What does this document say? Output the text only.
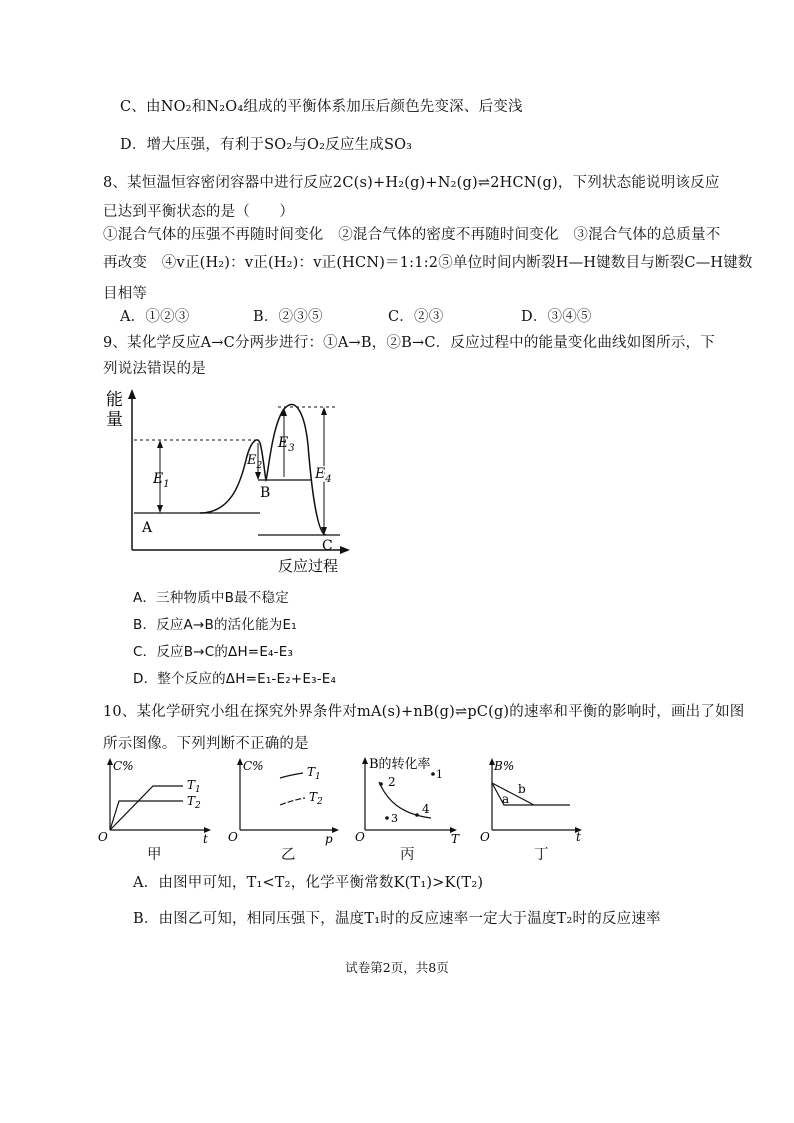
C、由NO₂和N₂O₄组成的平衡体系加压后颜色先变深、后变浅
D．增大压强，有利于SO₂与O₂反应生成SO₃
8、某恒温恒容密闭容器中进行反应2C(s)+H₂(g)+N₂(g)⇌2HCN(g)，下列状态能说明该反应
已达到平衡状态的是（　　）
①混合气体的压强不再随时间变化　②混合气体的密度不再随时间变化　③混合气体的总质量不
再改变　④v正(H₂)：v正(H₂)：v正(HCN)＝1:1:2⑤单位时间内断裂H—H键数目与断裂C—H键数
目相等
A．①②③	B．②③⑤	C．②③	D．③④⑤
9、某化学反应A→C分两步进行：①A→B，②B→C．反应过程中的能量变化曲线如图所示，下
列说法错误的是
能
量
反应过程
$E_1$
$E_2$
$E_3$
$E_4$
A
B
C
A．三种物质中B最不稳定
B．反应A→B的活化能为E₁
C．反应B→C的ΔH=E₄-E₃
D．整个反应的ΔH=E₁-E₂+E₃-E₄
10、某化学研究小组在探究外界条件对mA(s)+nB(g)⇌pC(g)的速率和平衡的影响时，画出了如图
所示图像。下列判断不正确的是
C%
$T_1$
$T_2$
O	t
甲
C%	$T_1$
$T_2$
O	p
乙
B的转化率
1
2
3
4
O	T
丙
B%
a
b
O	t
丁
A．由图甲可知，T₁<T₂，化学平衡常数K(T₁)>K(T₂)
B．由图乙可知，相同压强下，温度T₁时的反应速率一定大于温度T₂时的反应速率
试卷第2页，共8页
